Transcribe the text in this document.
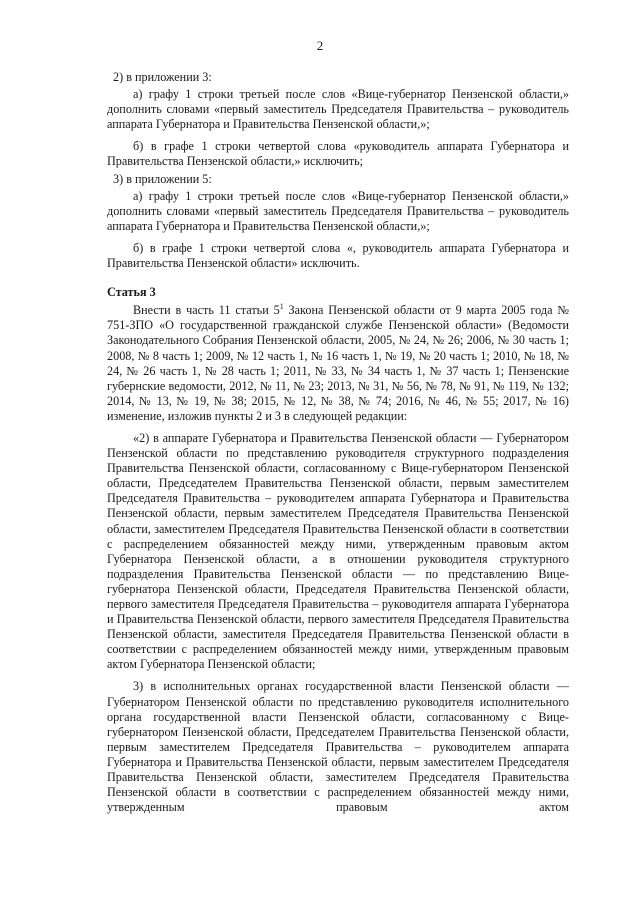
2

2) в приложении 3:

а) графу 1 строки третьей после слов «Вице-губернатор Пензенской области,» дополнить словами «первый заместитель Председателя Правительства – руководитель аппарата Губернатора и Правительства Пензенской области,»;

б) в графе 1 строки четвертой слова «руководитель аппарата Губернатора и Правительства Пензенской области,» исключить;

3) в приложении 5:

а) графу 1 строки третьей после слов «Вице-губернатор Пензенской области,» дополнить словами «первый заместитель Председателя Правительства – руководитель аппарата Губернатора и Правительства Пензенской области,»;

б) в графе 1 строки четвертой слова «, руководитель аппарата Губернатора и Правительства Пензенской области» исключить.

Статья 3

Внести в часть 11 статьи $5^1$ Закона Пензенской области от 9 марта 2005 года № 751-ЗПО «О государственной гражданской службе Пензенской области» (Ведомости Законодательного Собрания Пензенской области, 2005, № 24, № 26; 2006, № 30 часть 1; 2008, № 8 часть 1; 2009, № 12 часть 1, № 16 часть 1, № 19, № 20 часть 1; 2010, № 18, № 24, № 26 часть 1, № 28 часть 1; 2011, № 33, № 34 часть 1, № 37 часть 1; Пензенские губернские ведомости, 2012, № 11, № 23; 2013, № 31, № 56, № 78, № 91, № 119, № 132; 2014, № 13, № 19, № 38; 2015, № 12, № 38, № 74; 2016, № 46, № 55; 2017, № 16) изменение, изложив пункты 2 и 3 в следующей редакции:

«2) в аппарате Губернатора и Правительства Пензенской области — Губернатором Пензенской области по представлению руководителя структурного подразделения Правительства Пензенской области, согласованному с Вице-губернатором Пензенской области, Председателем Правительства Пензенской области, первым заместителем Председателя Правительства – руководителем аппарата Губернатора и Правительства Пензенской области, первым заместителем Председателя Правительства Пензенской области, заместителем Председателя Правительства Пензенской области в соответствии с распределением обязанностей между ними, утвержденным правовым актом Губернатора Пензенской области, а в отношении руководителя структурного подразделения Правительства Пензенской области — по представлению Вице-губернатора Пензенской области, Председателя Правительства Пензенской области, первого заместителя Председателя Правительства – руководителя аппарата Губернатора и Правительства Пензенской области, первого заместителя Председателя Правительства Пензенской области, заместителя Председателя Правительства Пензенской области в соответствии с распределением обязанностей между ними, утвержденным правовым актом Губернатора Пензенской области;

3) в исполнительных органах государственной власти Пензенской области — Губернатором Пензенской области по представлению руководителя исполнительного органа государственной власти Пензенской области, согласованному с Вице-губернатором Пензенской области, Председателем Правительства Пензенской области, первым заместителем Председателя Правительства – руководителем аппарата Губернатора и Правительства Пензенской области, первым заместителем Председателя Правительства Пензенской области, заместителем Председателя Правительства Пензенской области в соответствии с распределением обязанностей между ними, утвержденным правовым актом
